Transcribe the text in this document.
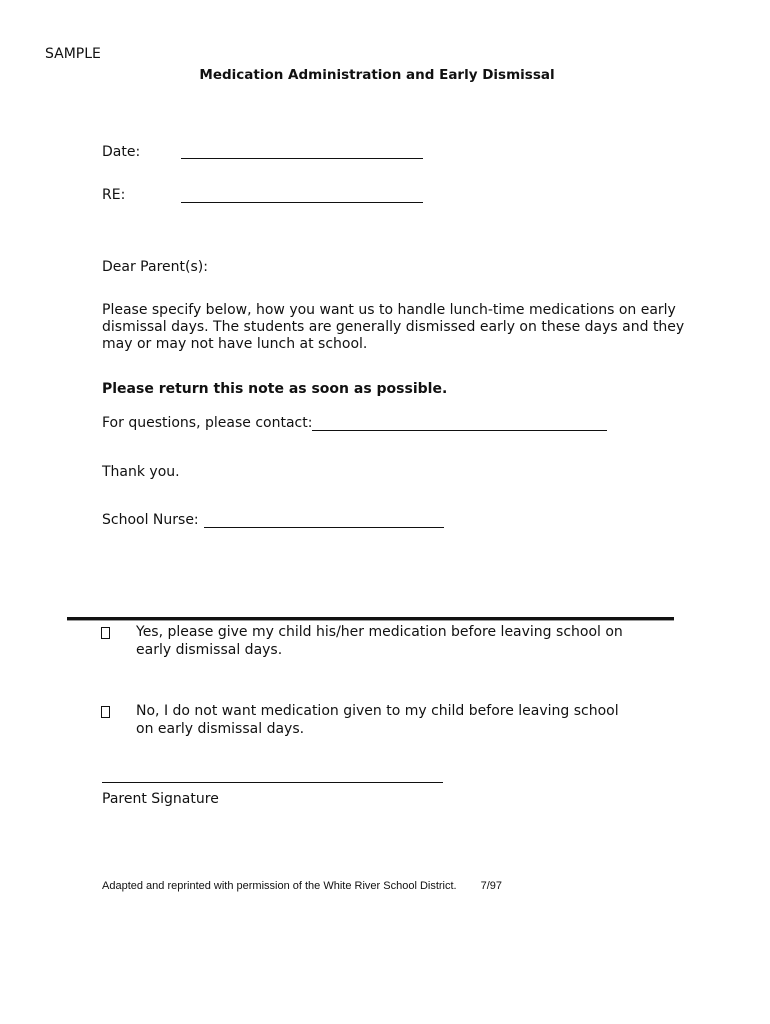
SAMPLE
Medication Administration and Early Dismissal
Date:
RE:
Dear Parent(s):
Please specify below, how you want us to handle lunch-time medications on early dismissal days. The students are generally dismissed early on these days and they may or may not have lunch at school.
Please return this note as soon as possible.
For questions, please contact:
Thank you.
School Nurse:
Yes, please give my child his/her medication before leaving school on early dismissal days.
No, I do not want medication given to my child before leaving school on early dismissal days.
Parent Signature
Adapted and reprinted with permission of the White River School District. 7/97
